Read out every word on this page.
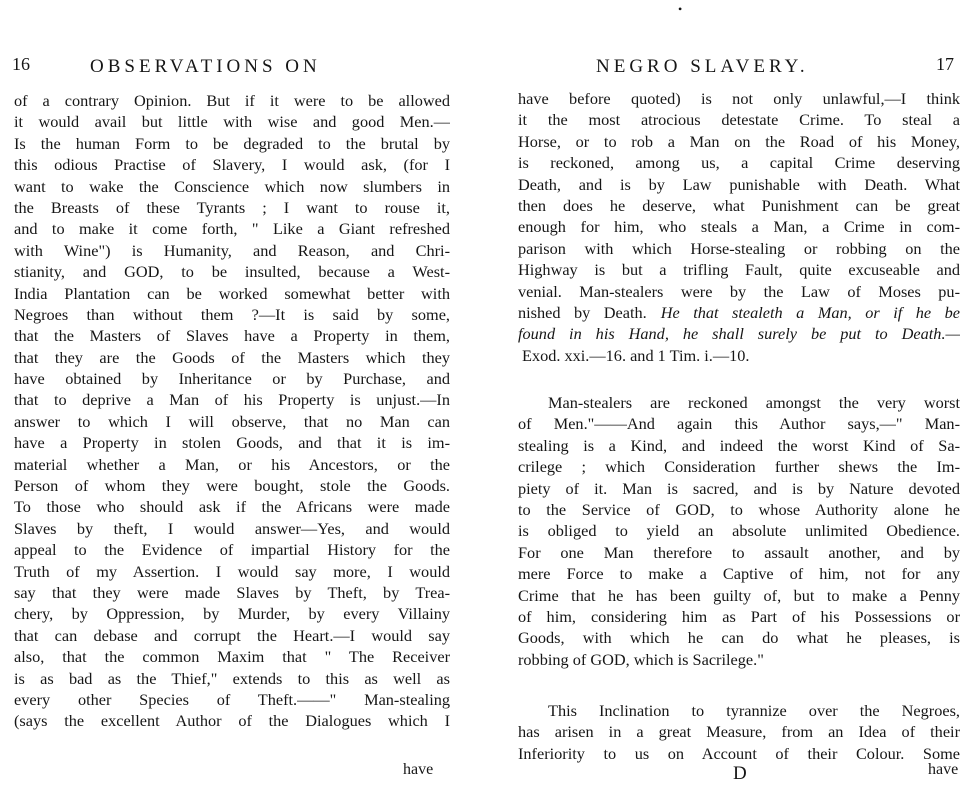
16	OBSERVATIONS ON
of a contrary Opinion. But if it were to be allowed
it would avail but little with wise and good Men.—
Is the human Form to be degraded to the brutal by
this odious Practise of Slavery, I would ask, (for I
want to wake the Conscience which now slumbers in
the Breasts of these Tyrants ; I want to rouse it,
and to make it come forth, " Like a Giant refreshed
with Wine") is Humanity, and Reason, and Chri-
stianity, and GOD, to be insulted, because a West-
India Plantation can be worked somewhat better with
Negroes than without them ?—It is said by some,
that the Masters of Slaves have a Property in them,
that they are the Goods of the Masters which they
have obtained by Inheritance or by Purchase, and
that to deprive a Man of his Property is unjust.—In
answer to which I will observe, that no Man can
have a Property in stolen Goods, and that it is im-
material whether a Man, or his Ancestors, or the
Person of whom they were bought, stole the Goods.
To those who should ask if the Africans were made
Slaves by theft, I would answer—Yes, and would
appeal to the Evidence of impartial History for the
Truth of my Assertion. I would say more, I would
say that they were made Slaves by Theft, by Trea-
chery, by Oppression, by Murder, by every Villainy
that can debase and corrupt the Heart.—I would say
also, that the common Maxim that " The Receiver
is as bad as the Thief," extends to this as well as
every other Species of Theft.——" Man-stealing
(says the excellent Author of the Dialogues which I
have
•
NEGRO SLAVERY.	17
have before quoted) is not only unlawful,—I think
it the most atrocious detestate Crime. To steal a
Horse, or to rob a Man on the Road of his Money,
is reckoned, among us, a capital Crime deserving
Death, and is by Law punishable with Death. What
then does he deserve, what Punishment can be great
enough for him, who steals a Man, a Crime in com-
parison with which Horse-stealing or robbing on the
Highway is but a trifling Fault, quite excuseable and
venial. Man-stealers were by the Law of Moses pu-
nished by Death. He that stealeth a Man, or if he be
found in his Hand, he shall surely be put to Death.—
Exod. xxi.—16. and 1 Tim. i.—10.
Man-stealers are reckoned amongst the very worst
of Men."——And again this Author says,—" Man-
stealing is a Kind, and indeed the worst Kind of Sa-
crilege ; which Consideration further shews the Im-
piety of it. Man is sacred, and is by Nature devoted
to the Service of GOD, to whose Authority alone he
is obliged to yield an absolute unlimited Obedience.
For one Man therefore to assault another, and by
mere Force to make a Captive of him, not for any
Crime that he has been guilty of, but to make a Penny
of him, considering him as Part of his Possessions or
Goods, with which he can do what he pleases, is
robbing of GOD, which is Sacrilege."
This Inclination to tyrannize over the Negroes,
has arisen in a great Measure, from an Idea of their
Inferiority to us on Account of their Colour. Some
D	have
